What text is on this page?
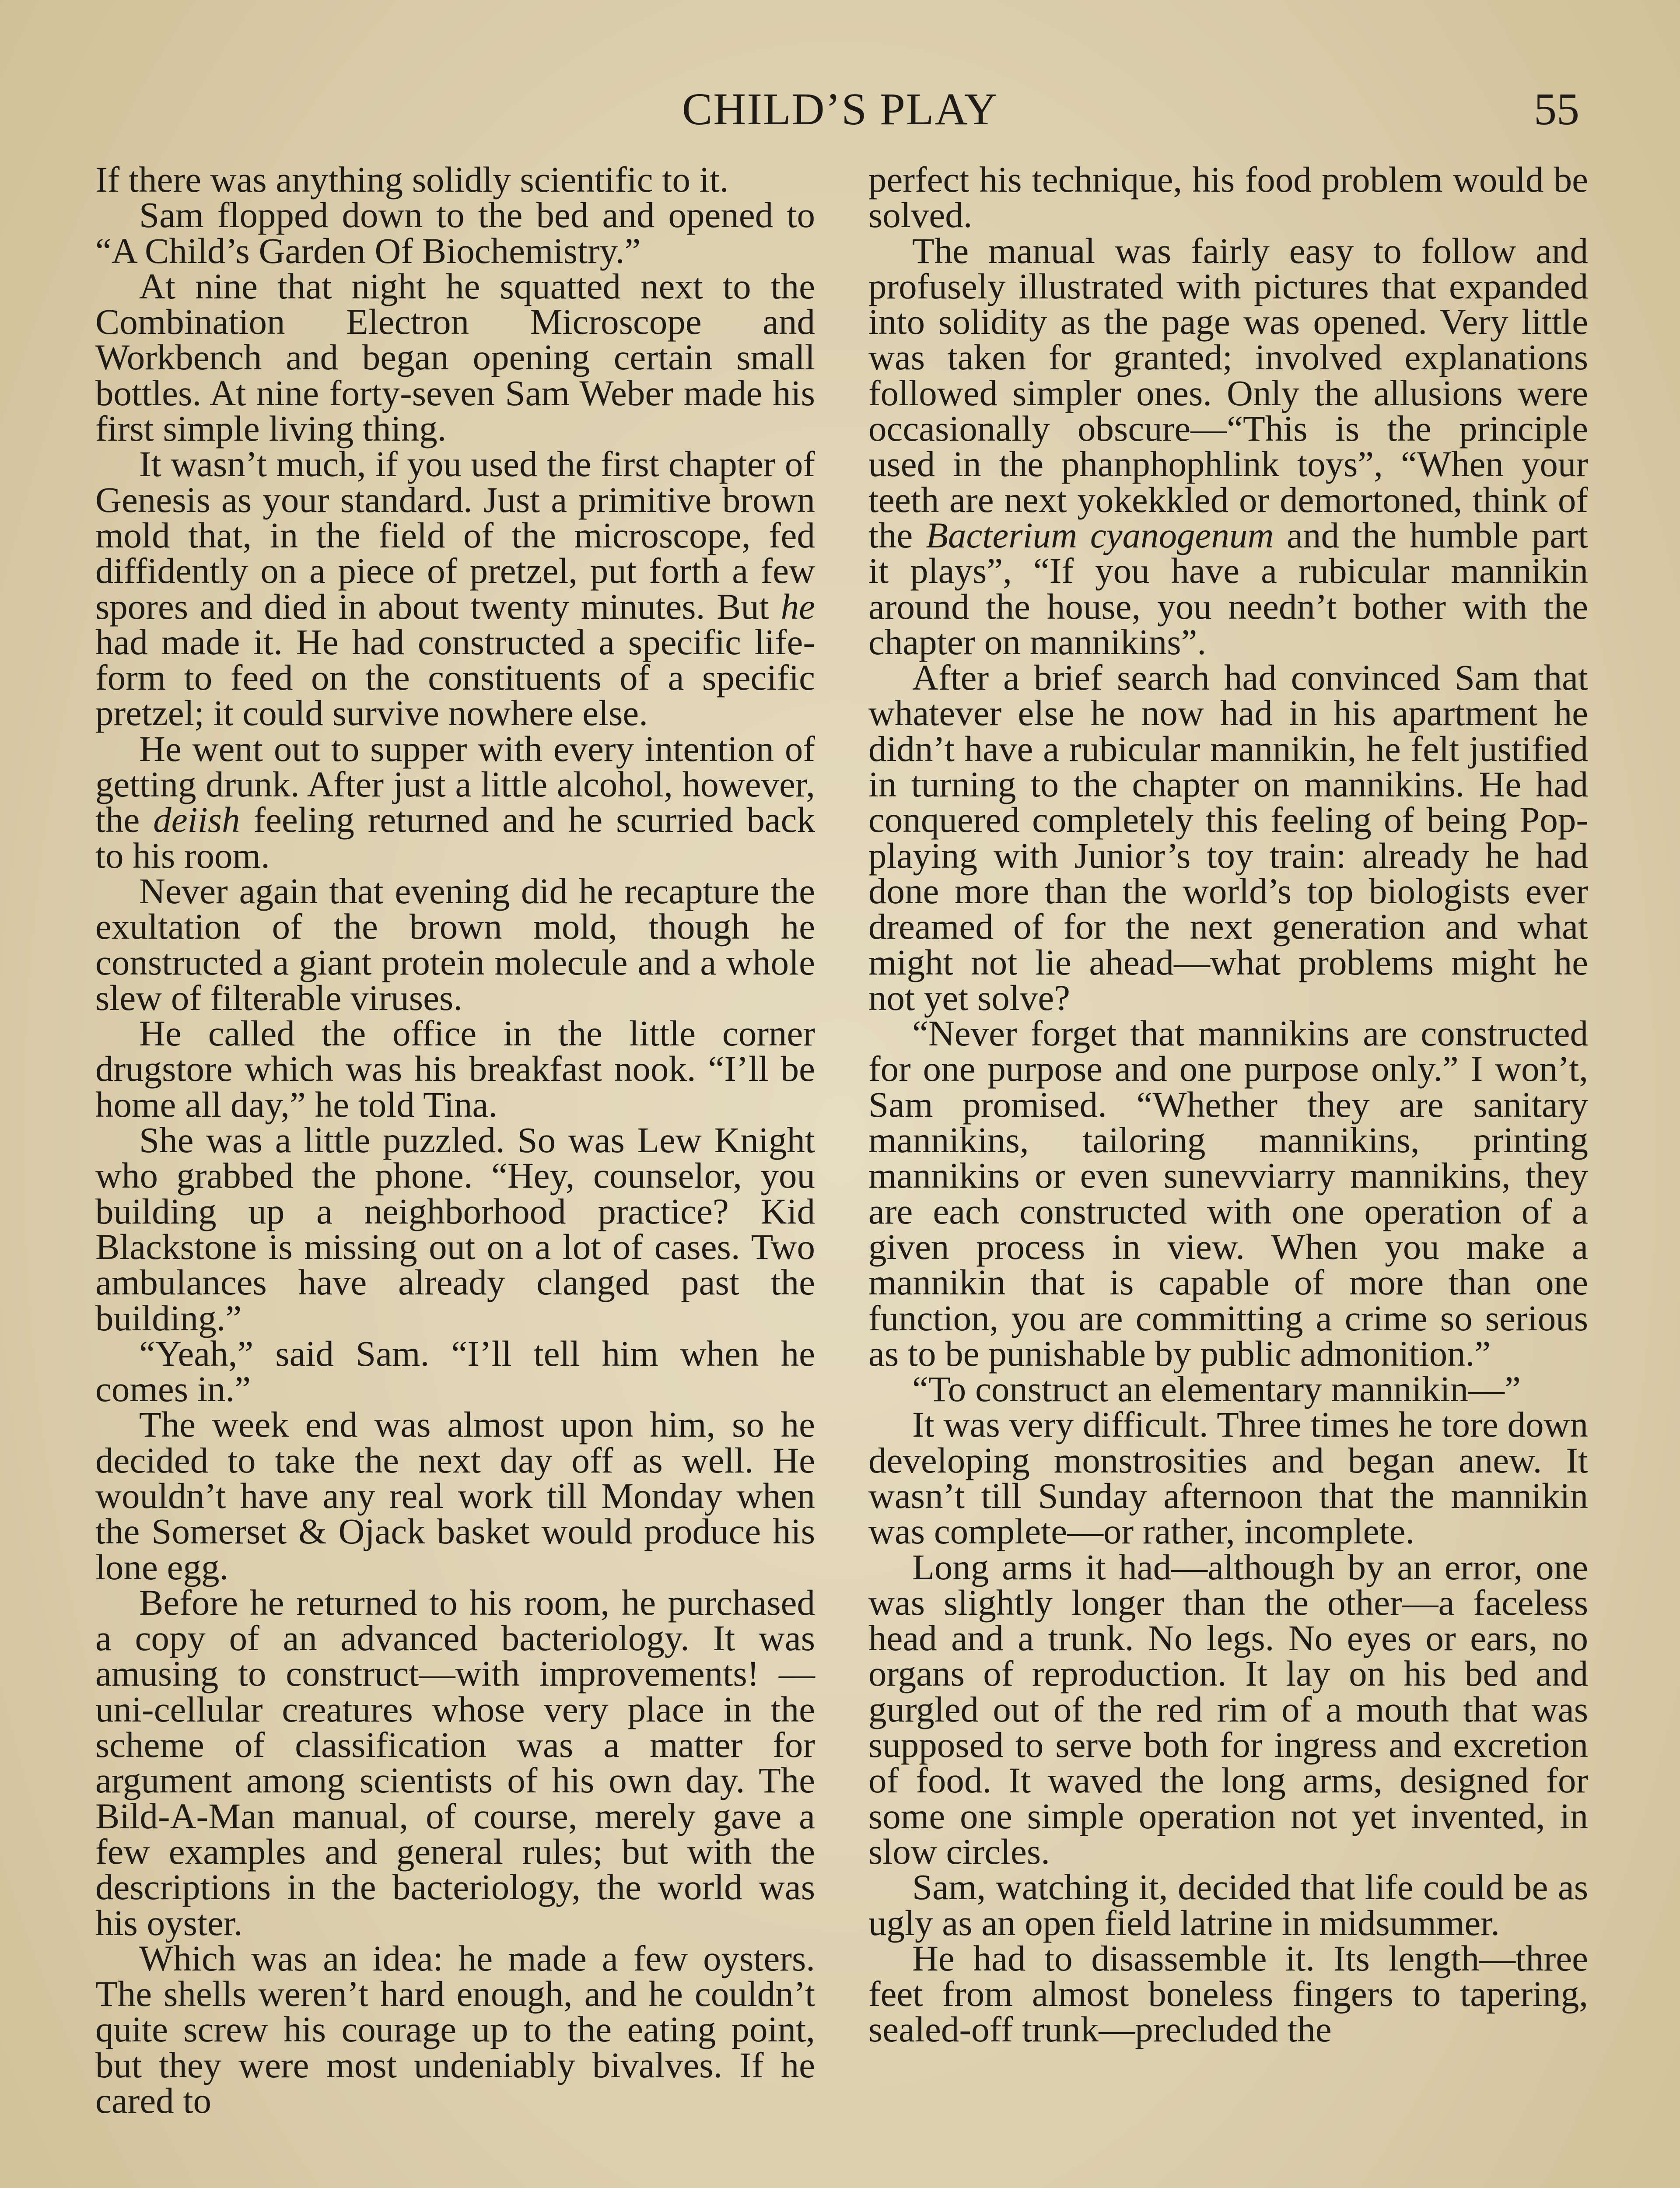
CHILD’S PLAY	55

If there was anything solidly scientific to it.

Sam flopped down to the bed and opened to “A Child’s Garden Of Biochemistry.”

At nine that night he squatted next to the Combination Electron Microscope and Workbench and began opening certain small bottles. At nine forty-seven Sam Weber made his first simple living thing.

It wasn’t much, if you used the first chapter of Genesis as your standard. Just a primitive brown mold that, in the field of the microscope, fed diffidently on a piece of pretzel, put forth a few spores and died in about twenty minutes. But he had made it. He had constructed a specific life-form to feed on the constituents of a specific pretzel; it could survive nowhere else.

He went out to supper with every intention of getting drunk. After just a little alcohol, however, the deiish feeling returned and he scurried back to his room.

Never again that evening did he recapture the exultation of the brown mold, though he constructed a giant protein molecule and a whole slew of filterable viruses.

He called the office in the little corner drugstore which was his breakfast nook. “I’ll be home all day,” he told Tina.

She was a little puzzled. So was Lew Knight who grabbed the phone. “Hey, counselor, you building up a neighborhood practice? Kid Blackstone is missing out on a lot of cases. Two ambulances have already clanged past the building.”

“Yeah,” said Sam. “I’ll tell him when he comes in.”

The week end was almost upon him, so he decided to take the next day off as well. He wouldn’t have any real work till Monday when the Somerset & Ojack basket would produce his lone egg.

Before he returned to his room, he purchased a copy of an advanced bacteriology. It was amusing to construct—with improvements! — uni-cellular creatures whose very place in the scheme of classification was a matter for argument among scientists of his own day. The Bild-A-Man manual, of course, merely gave a few examples and general rules; but with the descriptions in the bacteriology, the world was his oyster.

Which was an idea: he made a few oysters. The shells weren’t hard enough, and he couldn’t quite screw his courage up to the eating point, but they were most undeniably bivalves. If he cared to

perfect his technique, his food problem would be solved.

The manual was fairly easy to follow and profusely illustrated with pictures that expanded into solidity as the page was opened. Very little was taken for granted; involved explanations followed simpler ones. Only the allusions were occasionally obscure—“This is the principle used in the phanphophlink toys”, “When your teeth are next yokekkled or demortoned, think of the Bacterium cyanogenum and the humble part it plays”, “If you have a rubicular mannikin around the house, you needn’t bother with the chapter on mannikins”.

After a brief search had convinced Sam that whatever else he now had in his apartment he didn’t have a rubicular mannikin, he felt justified in turning to the chapter on mannikins. He had conquered completely this feeling of being Pop-playing with Junior’s toy train: already he had done more than the world’s top biologists ever dreamed of for the next generation and what might not lie ahead—what problems might he not yet solve?

“Never forget that mannikins are constructed for one purpose and one purpose only.” I won’t, Sam promised. “Whether they are sanitary mannikins, tailoring mannikins, printing mannikins or even sunevviarry mannikins, they are each constructed with one operation of a given process in view. When you make a mannikin that is capable of more than one function, you are committing a crime so serious as to be punishable by public admonition.”

“To construct an elementary mannikin—”

It was very difficult. Three times he tore down developing monstrosities and began anew. It wasn’t till Sunday afternoon that the mannikin was complete—or rather, incomplete.

Long arms it had—although by an error, one was slightly longer than the other—a faceless head and a trunk. No legs. No eyes or ears, no organs of reproduction. It lay on his bed and gurgled out of the red rim of a mouth that was supposed to serve both for ingress and excretion of food. It waved the long arms, designed for some one simple operation not yet invented, in slow circles.

Sam, watching it, decided that life could be as ugly as an open field latrine in midsummer.

He had to disassemble it. Its length—three feet from almost boneless fingers to tapering, sealed-off trunk—precluded the
